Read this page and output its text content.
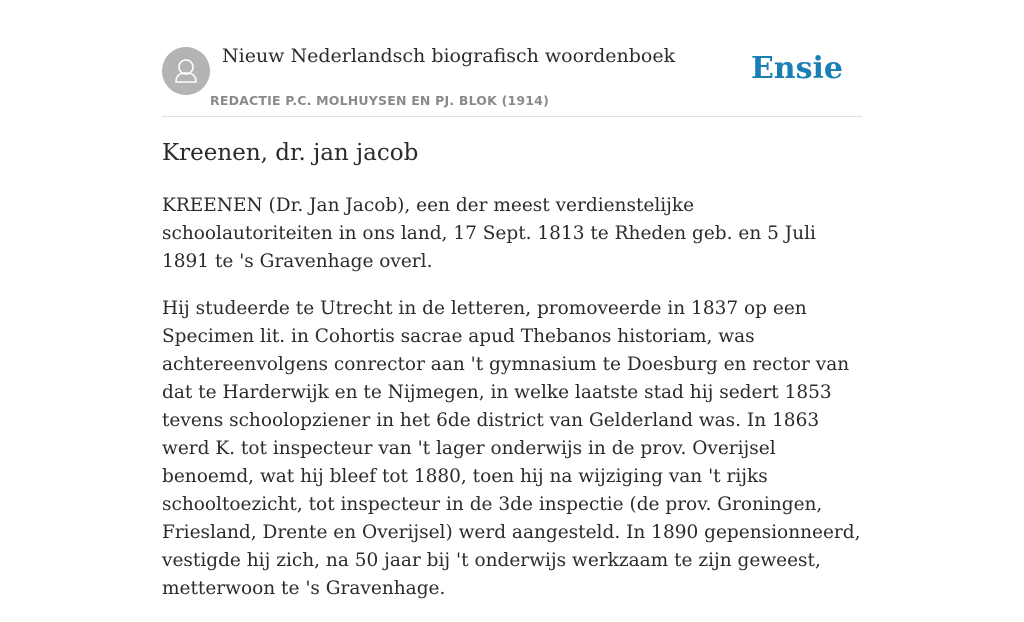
Nieuw Nederlandsch biografisch woordenboek
REDACTIE P.C. MOLHUYSEN EN PJ. BLOK (1914)
Ensie
Kreenen, dr. jan jacob

KREENEN (Dr. Jan Jacob), een der meest verdienstelijke schoolautoriteiten in ons land, 17 Sept. 1813 te Rheden geb. en 5 Juli 1891 te 's Gravenhage overl.

Hij studeerde te Utrecht in de letteren, promoveerde in 1837 op een Specimen lit. in Cohortis sacrae apud Thebanos historiam, was achtereenvolgens conrector aan 't gymnasium te Doesburg en rector van dat te Harderwijk en te Nijmegen, in welke laatste stad hij sedert 1853 tevens schoolopziener in het 6de district van Gelderland was. In 1863 werd K. tot inspecteur van 't lager onderwijs in de prov. Overijsel benoemd, wat hij bleef tot 1880, toen hij na wijziging van 't rijks schooltoezicht, tot inspecteur in de 3de inspectie (de prov. Groningen, Friesland, Drente en Overijsel) werd aangesteld. In 1890 gepensionneerd, vestigde hij zich, na 50 jaar bij 't onderwijs werkzaam te zijn geweest, metterwoon te 's Gravenhage.
